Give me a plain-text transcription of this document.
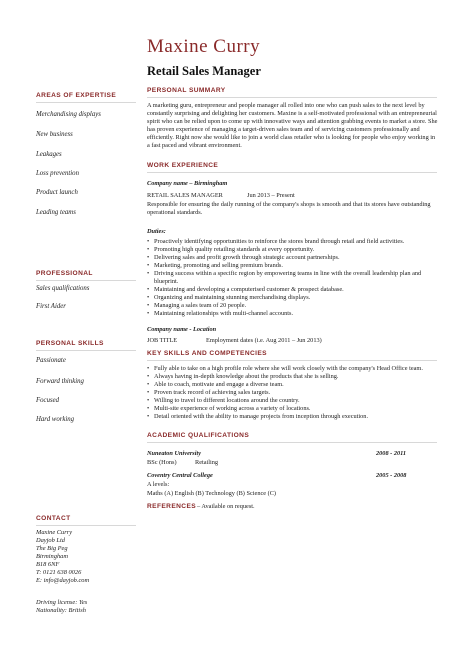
Maxine Curry
Retail Sales Manager
AREAS OF EXPERTISE
Merchandising displays
New business
Leakages
Loss prevention
Product launch
Leading teams
PROFESSIONAL
Sales qualifications
First Aider
PERSONAL SKILLS
Passionate
Forward thinking
Focused
Hard working
CONTACT
Maxine Curry
Dayjob Ltd
The Big Peg
Birmingham
B18 6NF
T: 0121 638 0026
E: info@dayjob.com
Driving license: Yes
Nationality: British
PERSONAL SUMMARY
A marketing guru, entrepreneur and people manager all rolled into one who can push sales to the next level by constantly surprising and delighting her customers. Maxine is a self-motivated professional with an entrepreneurial spirit who can be relied upon to come up with innovative ways and attention grabbing events to market a store. She has proven experience of managing a target-driven sales team and of servicing customers professionally and efficiently. Right now she would like to join a world class retailer who is looking for people who enjoy working in a fast paced and vibrant environment.
WORK EXPERIENCE
Company name – Birmingham
RETAIL SALES MANAGER	Jun 2013 – Present
Responsible for ensuring the daily running of the company's shops is smooth and that its stores have outstanding operational standards.
Duties:
• Proactively identifying opportunities to reinforce the stores brand through retail and field activities.
• Promoting high quality retailing standards at every opportunity.
• Delivering sales and profit growth through strategic account partnerships.
• Marketing, promoting and selling premium brands.
• Driving success within a specific region by empowering teams in line with the overall leadership plan and blueprint.
• Maintaining and developing a computerised customer & prospect database.
• Organizing and maintaining stunning merchandising displays.
• Managing a sales team of 20 people.
• Maintaining relationships with multi-channel accounts.
Company name - Location
JOB TITLE	Employment dates (i.e. Aug 2011 – Jun 2013)
KEY SKILLS AND COMPETENCIES
• Fully able to take on a high profile role where she will work closely with the company's Head Office team.
• Always having in-depth knowledge about the products that she is selling.
• Able to coach, motivate and engage a diverse team.
• Proven track record of achieving sales targets.
• Willing to travel to different locations around the country.
• Multi-site experience of working across a variety of locations.
• Detail oriented with the ability to manage projects from inception through execution.
ACADEMIC QUALIFICATIONS
Nuneaton University	2008 - 2011
BSc (Hons)	Retailing
Coventry Central College	2005 - 2008
A levels:
Maths (A) English (B) Technology (B) Science (C)
REFERENCES – Available on request.
